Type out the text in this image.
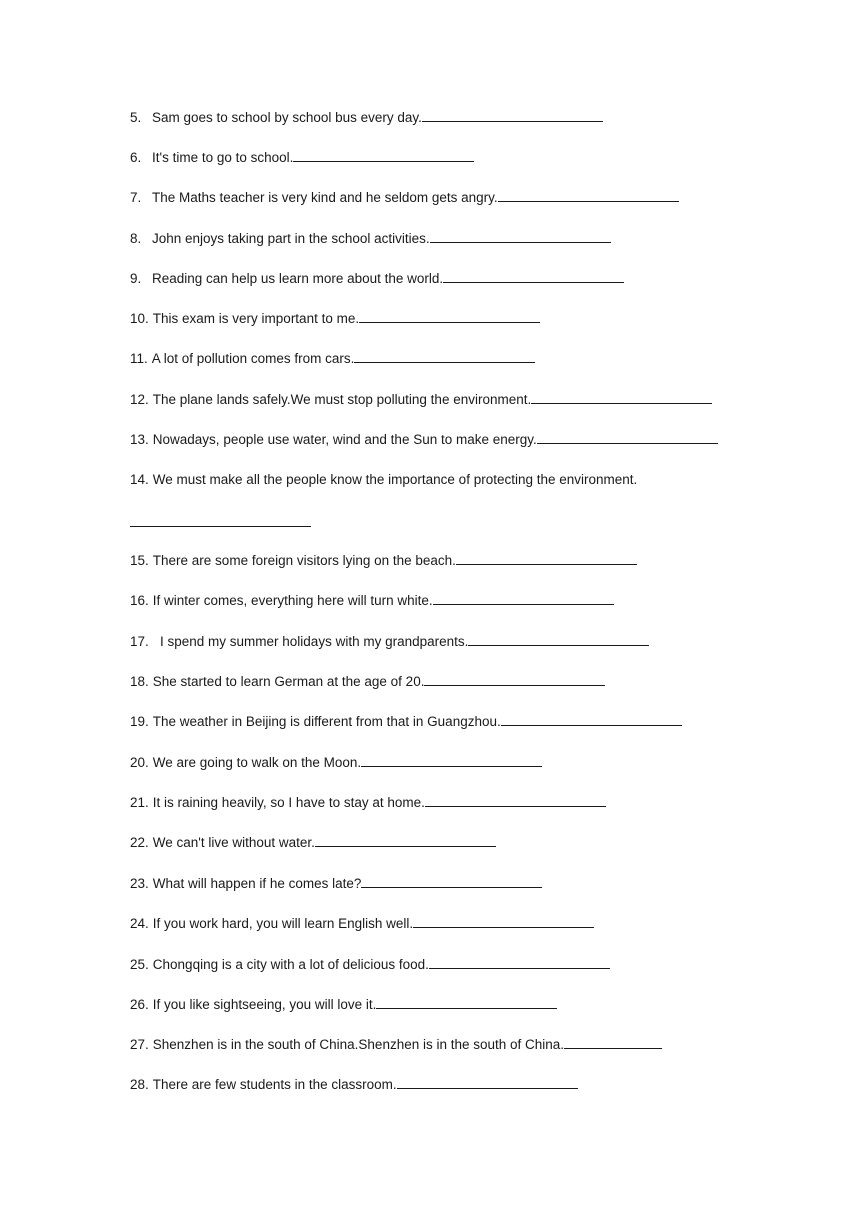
5. Sam goes to school by school bus every day.
6. It's time to go to school.
7. The Maths teacher is very kind and he seldom gets angry.
8. John enjoys taking part in the school activities.
9. Reading can help us learn more about the world.
10. This exam is very important to me.
11. A lot of pollution comes from cars.
12. The plane lands safely.We must stop polluting the environment.
13. Nowadays, people use water, wind and the Sun to make energy.
14. We must make all the people know the importance of protecting the environment.
15. There are some foreign visitors lying on the beach.
16. If winter comes, everything here will turn white.
17. I spend my summer holidays with my grandparents.
18. She started to learn German at the age of 20.
19. The weather in Beijing is different from that in Guangzhou.
20. We are going to walk on the Moon.
21. It is raining heavily, so I have to stay at home.
22. We can't live without water.
23. What will happen if he comes late?
24. If you work hard, you will learn English well.
25. Chongqing is a city with a lot of delicious food.
26. If you like sightseeing, you will love it.
27. Shenzhen is in the south of China.Shenzhen is in the south of China.
28. There are few students in the classroom.
